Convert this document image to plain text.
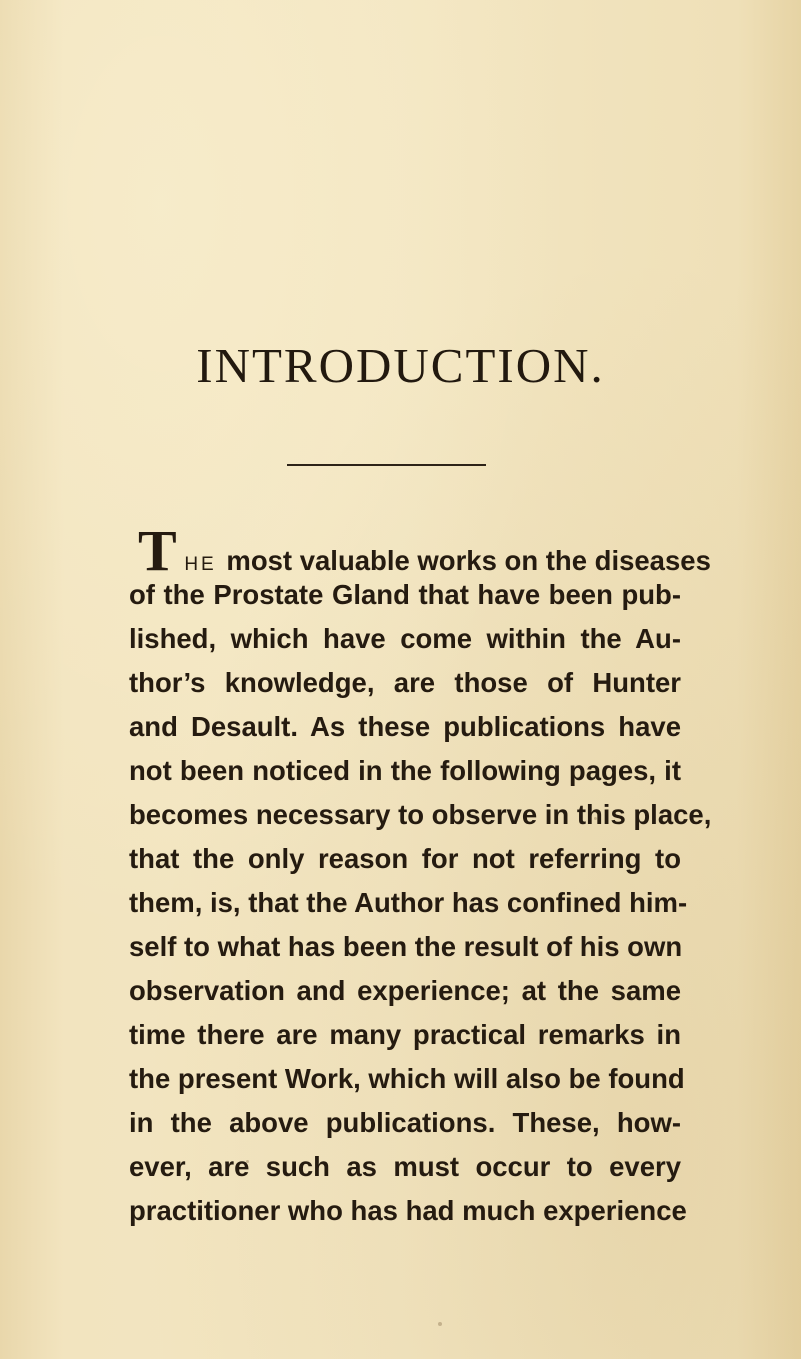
INTRODUCTION.
T HE most valuable works on the diseases
of the Prostate Gland that have been pub-
lished, which have come within the Au-
thor’s knowledge, are those of Hunter
and Desault. As these publications have
not been noticed in the following pages, it
becomes necessary to observe in this place,
that the only reason for not referring to
them, is, that the Author has confined him-
self to what has been the result of his own
observation and experience; at the same
time there are many practical remarks in
the present Work, which will also be found
in the above publications. These, how-
ever, are such as must occur to every
practitioner who has had much experience
